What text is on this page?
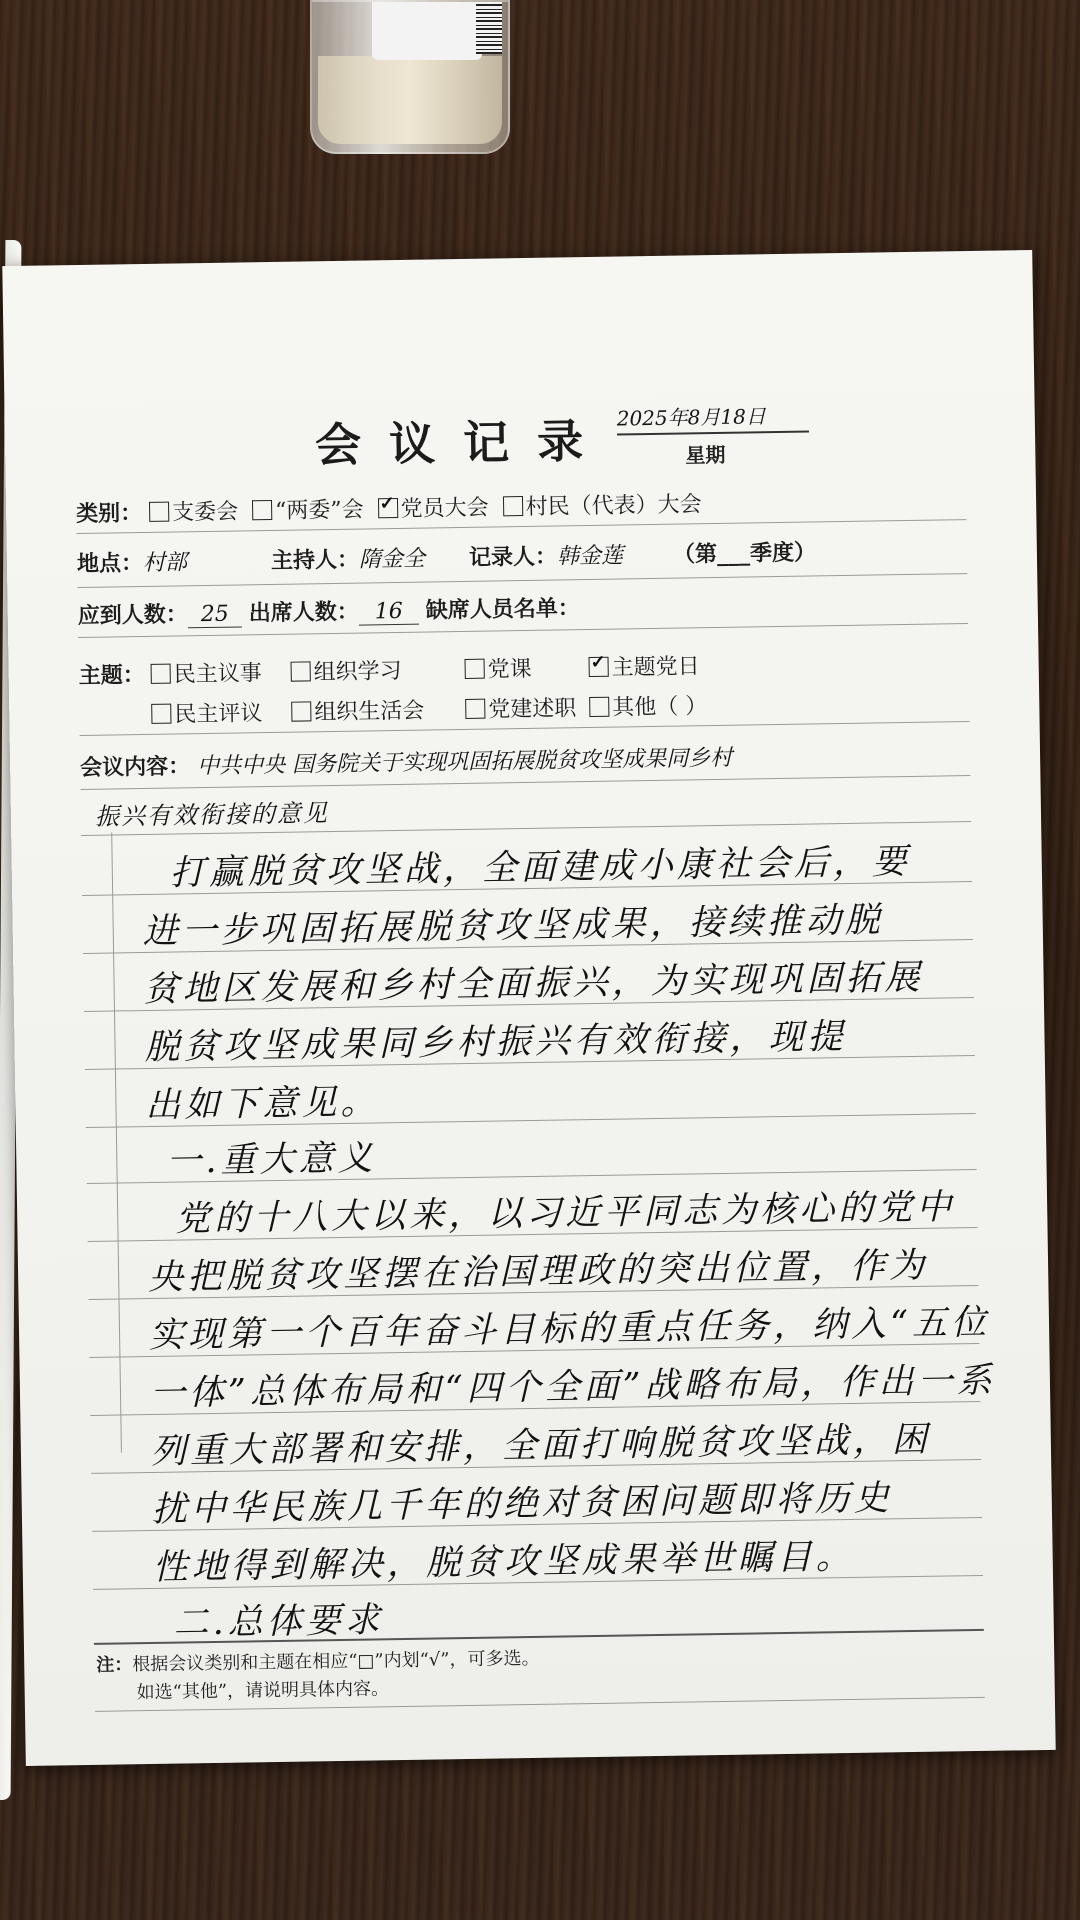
会议记录 2025年8月18日
星期
类别： 支委会 “两委”会 ✓ 党员大会 村民（代表）大会
地点：村部	主持人：隋金全 记录人：韩金莲 （第___季度）
应到人数： 25 出席人数： 16 缺席人员名单：
主题：	民主议事	组织学习	党课 ✓	主题党日
民主评议	组织生活会	党建述职	其他（ ）
会议内容： 中共中央 国务院关于实现巩固拓展脱贫攻坚成果同乡村
振兴有效衔接的意见
打赢脱贫攻坚战，全面建成小康社会后，要
进一步巩固拓展脱贫攻坚成果，接续推动脱
贫地区发展和乡村全面振兴，为实现巩固拓展
脱贫攻坚成果同乡村振兴有效衔接，现提
出如下意见。
一.重大意义
党的十八大以来，以习近平同志为核心的党中
央把脱贫攻坚摆在治国理政的突出位置，作为
实现第一个百年奋斗目标的重点任务，纳入“五位
一体”总体布局和“四个全面”战略布局，作出一系
列重大部署和安排，全面打响脱贫攻坚战，困
扰中华民族几千年的绝对贫困问题即将历史
性地得到解决，脱贫攻坚成果举世瞩目。
二.总体要求
注：根据会议类别和主题在相应“□”内划“√”，可多选。
如选“其他”，请说明具体内容。
